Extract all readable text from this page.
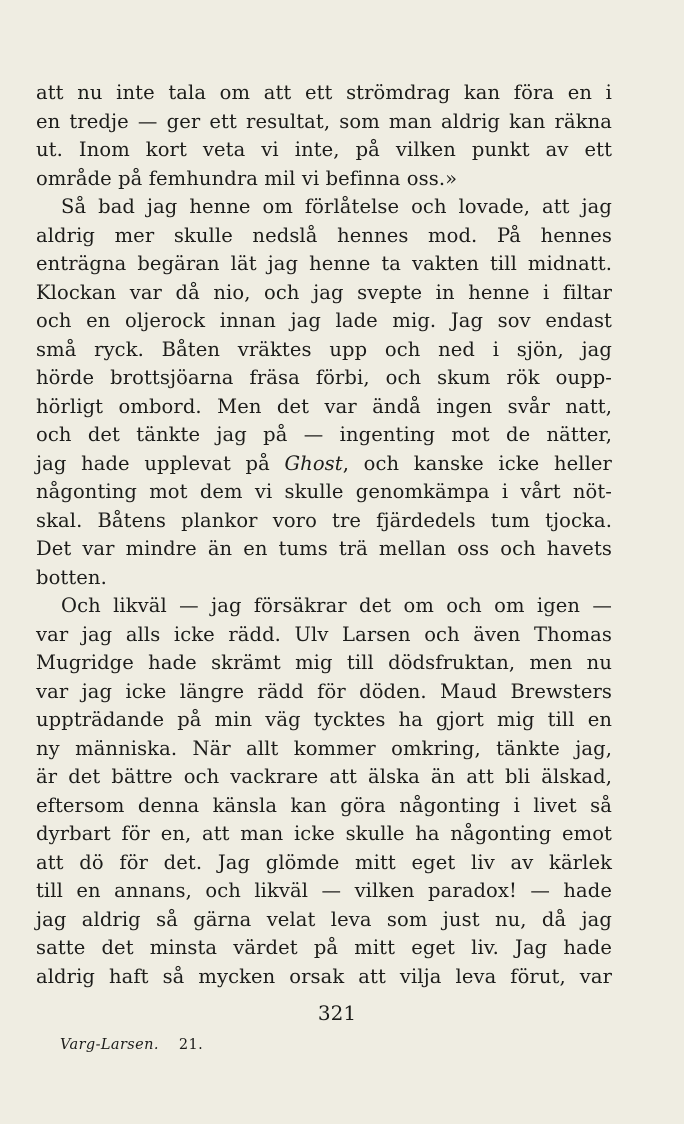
att nu inte tala om att ett strömdrag kan föra en i
en tredje — ger ett resultat, som man aldrig kan räkna
ut. Inom kort veta vi inte, på vilken punkt av ett
område på femhundra mil vi befinna oss.»
Så bad jag henne om förlåtelse och lovade, att jag
aldrig mer skulle nedslå hennes mod. På hennes
enträgna begäran lät jag henne ta vakten till midnatt.
Klockan var då nio, och jag svepte in henne i filtar
och en oljerock innan jag lade mig. Jag sov endast
små ryck. Båten vräktes upp och ned i sjön, jag
hörde brottsjöarna fräsa förbi, och skum rök oupp-
hörligt ombord. Men det var ändå ingen svår natt,
och det tänkte jag på — ingenting mot de nätter,
jag hade upplevat på Ghost, och kanske icke heller
någonting mot dem vi skulle genomkämpa i vårt nöt-
skal. Båtens plankor voro tre fjärdedels tum tjocka.
Det var mindre än en tums trä mellan oss och havets
botten.
Och likväl — jag försäkrar det om och om igen —
var jag alls icke rädd. Ulv Larsen och även Thomas
Mugridge hade skrämt mig till dödsfruktan, men nu
var jag icke längre rädd för döden. Maud Brewsters
uppträdande på min väg tycktes ha gjort mig till en
ny människa. När allt kommer omkring, tänkte jag,
är det bättre och vackrare att älska än att bli älskad,
eftersom denna känsla kan göra någonting i livet så
dyrbart för en, att man icke skulle ha någonting emot
att dö för det. Jag glömde mitt eget liv av kärlek
till en annans, och likväl — vilken paradox! — hade
jag aldrig så gärna velat leva som just nu, då jag
satte det minsta värdet på mitt eget liv. Jag hade
aldrig haft så mycken orsak att vilja leva förut, var
321
Varg-Larsen. 21.
